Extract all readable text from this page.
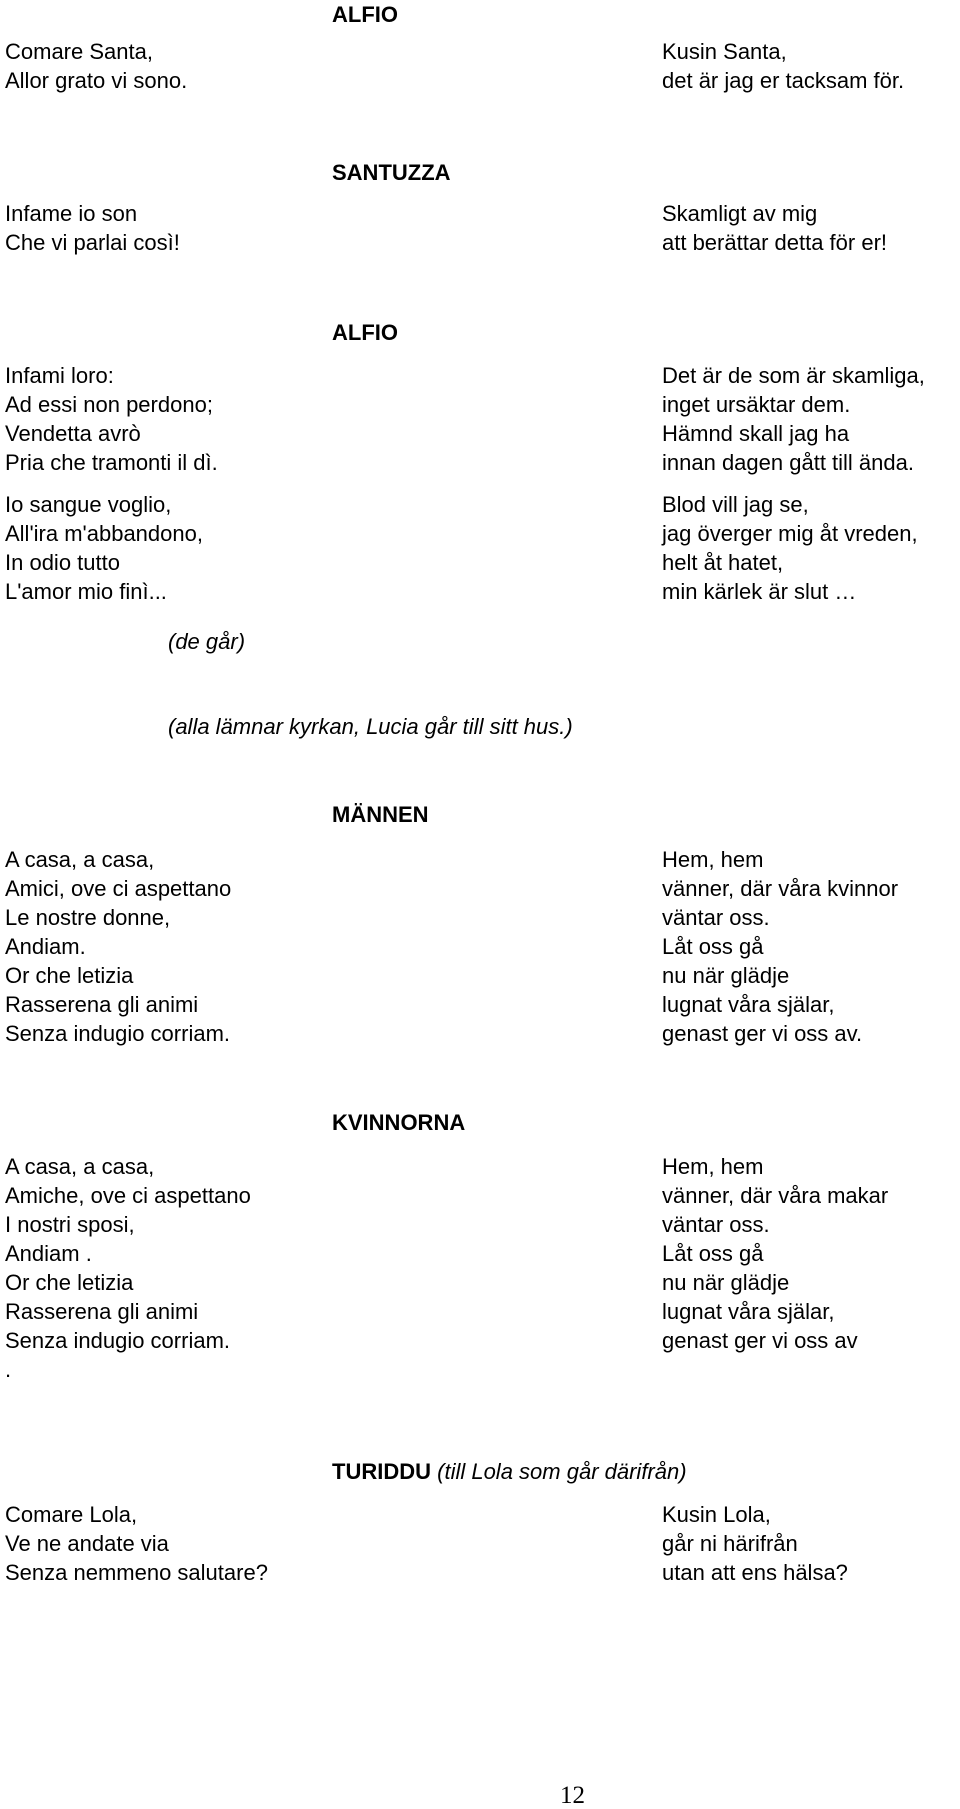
ALFIO
Comare Santa,
Allor grato vi sono.
Kusin Santa,
det är jag er tacksam för.
SANTUZZA
Infame io son
Che vi parlai così!
Skamligt av mig
att berättar detta för er!
ALFIO
Infami loro:
Ad essi non perdono;
Vendetta avrò
Pria che tramonti il dì.
Det är de som är skamliga,
inget ursäktar dem.
Hämnd skall jag ha
innan dagen gått till ända.
Io sangue voglio,
All'ira m'abbandono,
In odio tutto
L'amor mio finì...
Blod vill jag se,
jag överger mig åt vreden,
helt åt hatet,
min kärlek är slut …
(de går)
(alla lämnar kyrkan, Lucia går till sitt hus.)
MÄNNEN
A casa, a casa,
Amici, ove ci aspettano
Le nostre donne,
Andiam.
Or che letizia
Rasserena gli animi
Senza indugio corriam.
Hem, hem
vänner, där våra kvinnor
väntar oss.
Låt oss gå
nu när glädje
lugnat våra själar,
genast ger vi oss av.
KVINNORNA
A casa, a casa,
Amiche, ove ci aspettano
I nostri sposi,
Andiam .
Or che letizia
Rasserena gli animi
Senza indugio corriam.
.
Hem, hem
vänner, där våra makar
väntar oss.
Låt oss gå
nu när glädje
lugnat våra själar,
genast ger vi oss av
TURIDDU (till Lola som går därifrån)
Comare Lola,
Ve ne andate via
Senza nemmeno salutare?
Kusin Lola,
går ni härifrån
utan att ens hälsa?
12
